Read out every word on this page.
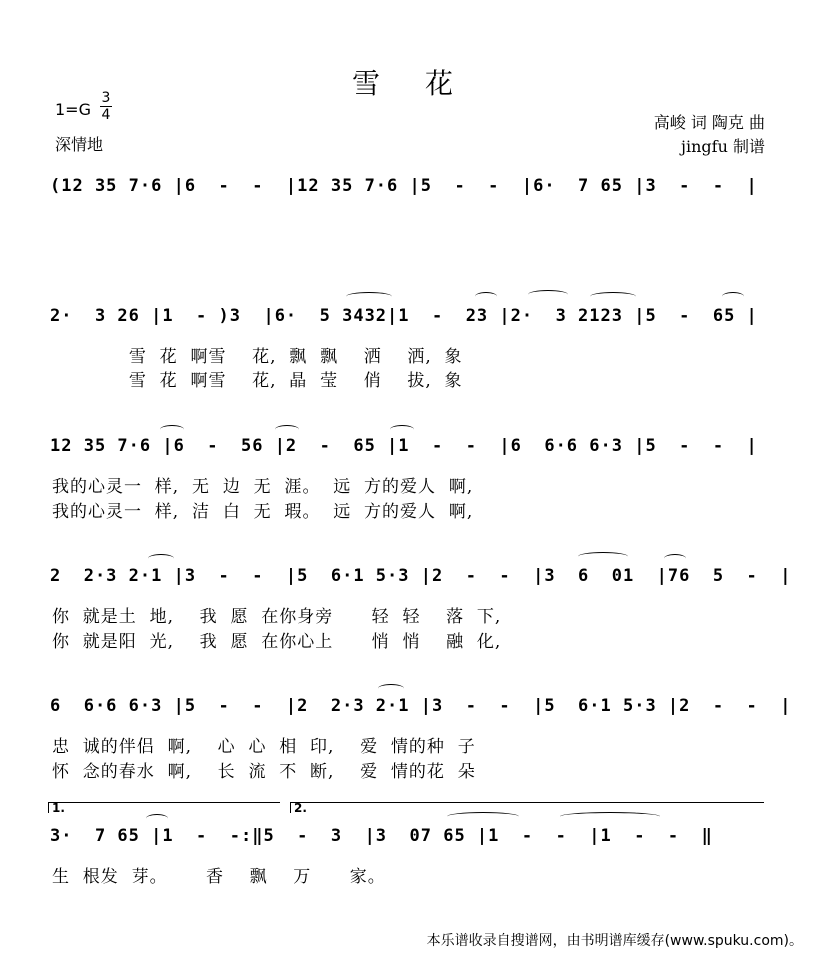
雪 花
1=G
3
4
深情地
高峻 词 陶克 曲
jingfu 制谱
(12 35 7·6 |6  -  -  |12 35 7·6 |5  -  -  |6·  7 65 |3  -  -  |
2·  3 26 |1  - )3  |6·  5 3432|1  -  23 |2·  3 2123 |5  -  65 |
雪  花  啊雪    花,  飘  飘    洒    洒,  象
雪  花  啊雪    花,  晶  莹    俏    拔,  象
12 35 7·6 |6  -  56 |2  -  65 |1  -  -  |6  6·6 6·3 |5  -  -  |
我的心灵一  样,  无  边  无  涯。  远  方的爱人  啊,
我的心灵一  样,  洁  白  无  瑕。  远  方的爱人  啊,
2  2·3 2·1 |3  -  -  |5  6·1 5·3 |2  -  -  |3  6  01  |76  5  -  |
你  就是土  地,    我  愿  在你身旁      轻  轻    落  下,
你  就是阳  光,    我  愿  在你心上      悄  悄    融  化,
6  6·6 6·3 |5  -  -  |2  2·3 2·1 |3  -  -  |5  6·1 5·3 |2  -  -  |
忠  诚的伴侣  啊,    心  心  相  印,    爱  情的种  子
怀  念的春水  啊,    长  流  不  断,    爱  情的花  朵
1.	2.
3·  7 65 |1  -  -:‖5  -  3  |3  07 65 |1  -  -  |1  -  -  ‖
生  根发  芽。      香    飘    万      家。
本乐谱收录自搜谱网，由书明谱库缓存(www.spuku.com)。
